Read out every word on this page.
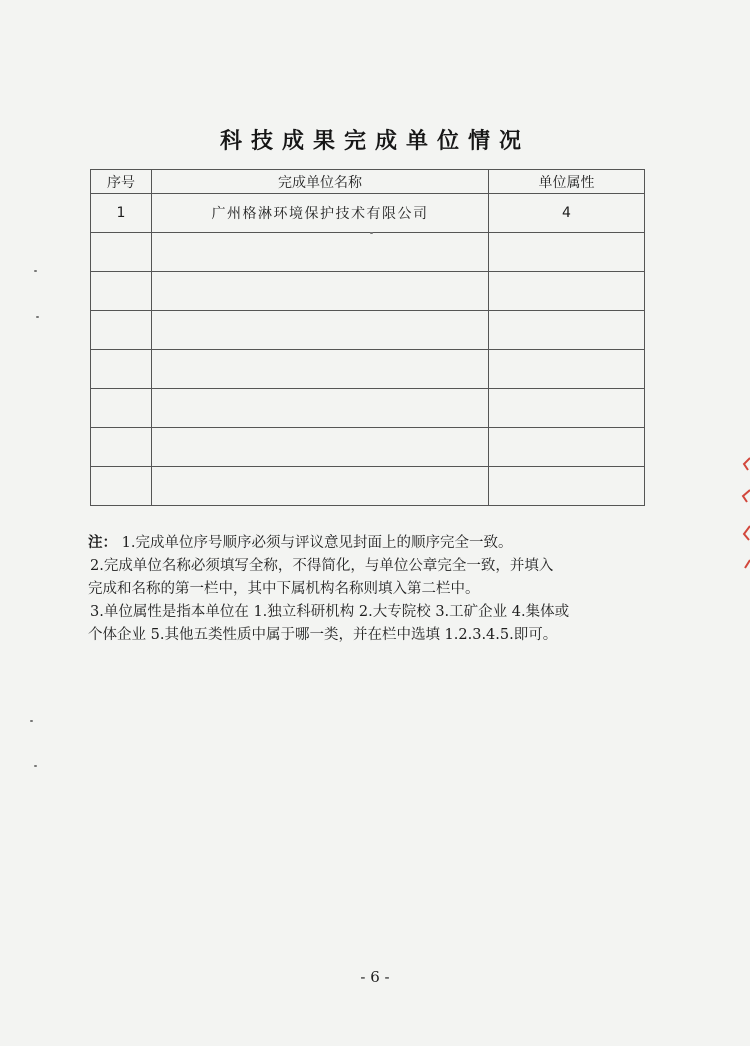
科技成果完成单位情况
序号	完成单位名称	单位属性
1	广州格淋环境保护技术有限公司	4

注： 1.完成单位序号顺序必须与评议意见封面上的顺序完全一致。

2.完成单位名称必须填写全称，不得简化，与单位公章完全一致，并填入

完成和名称的第一栏中，其中下属机构名称则填入第二栏中。

3.单位属性是指本单位在 1.独立科研机构 2.大专院校 3.工矿企业 4.集体或

个体企业 5.其他五类性质中属于哪一类，并在栏中选填 1.2.3.4.5.即可。

- 6 -
